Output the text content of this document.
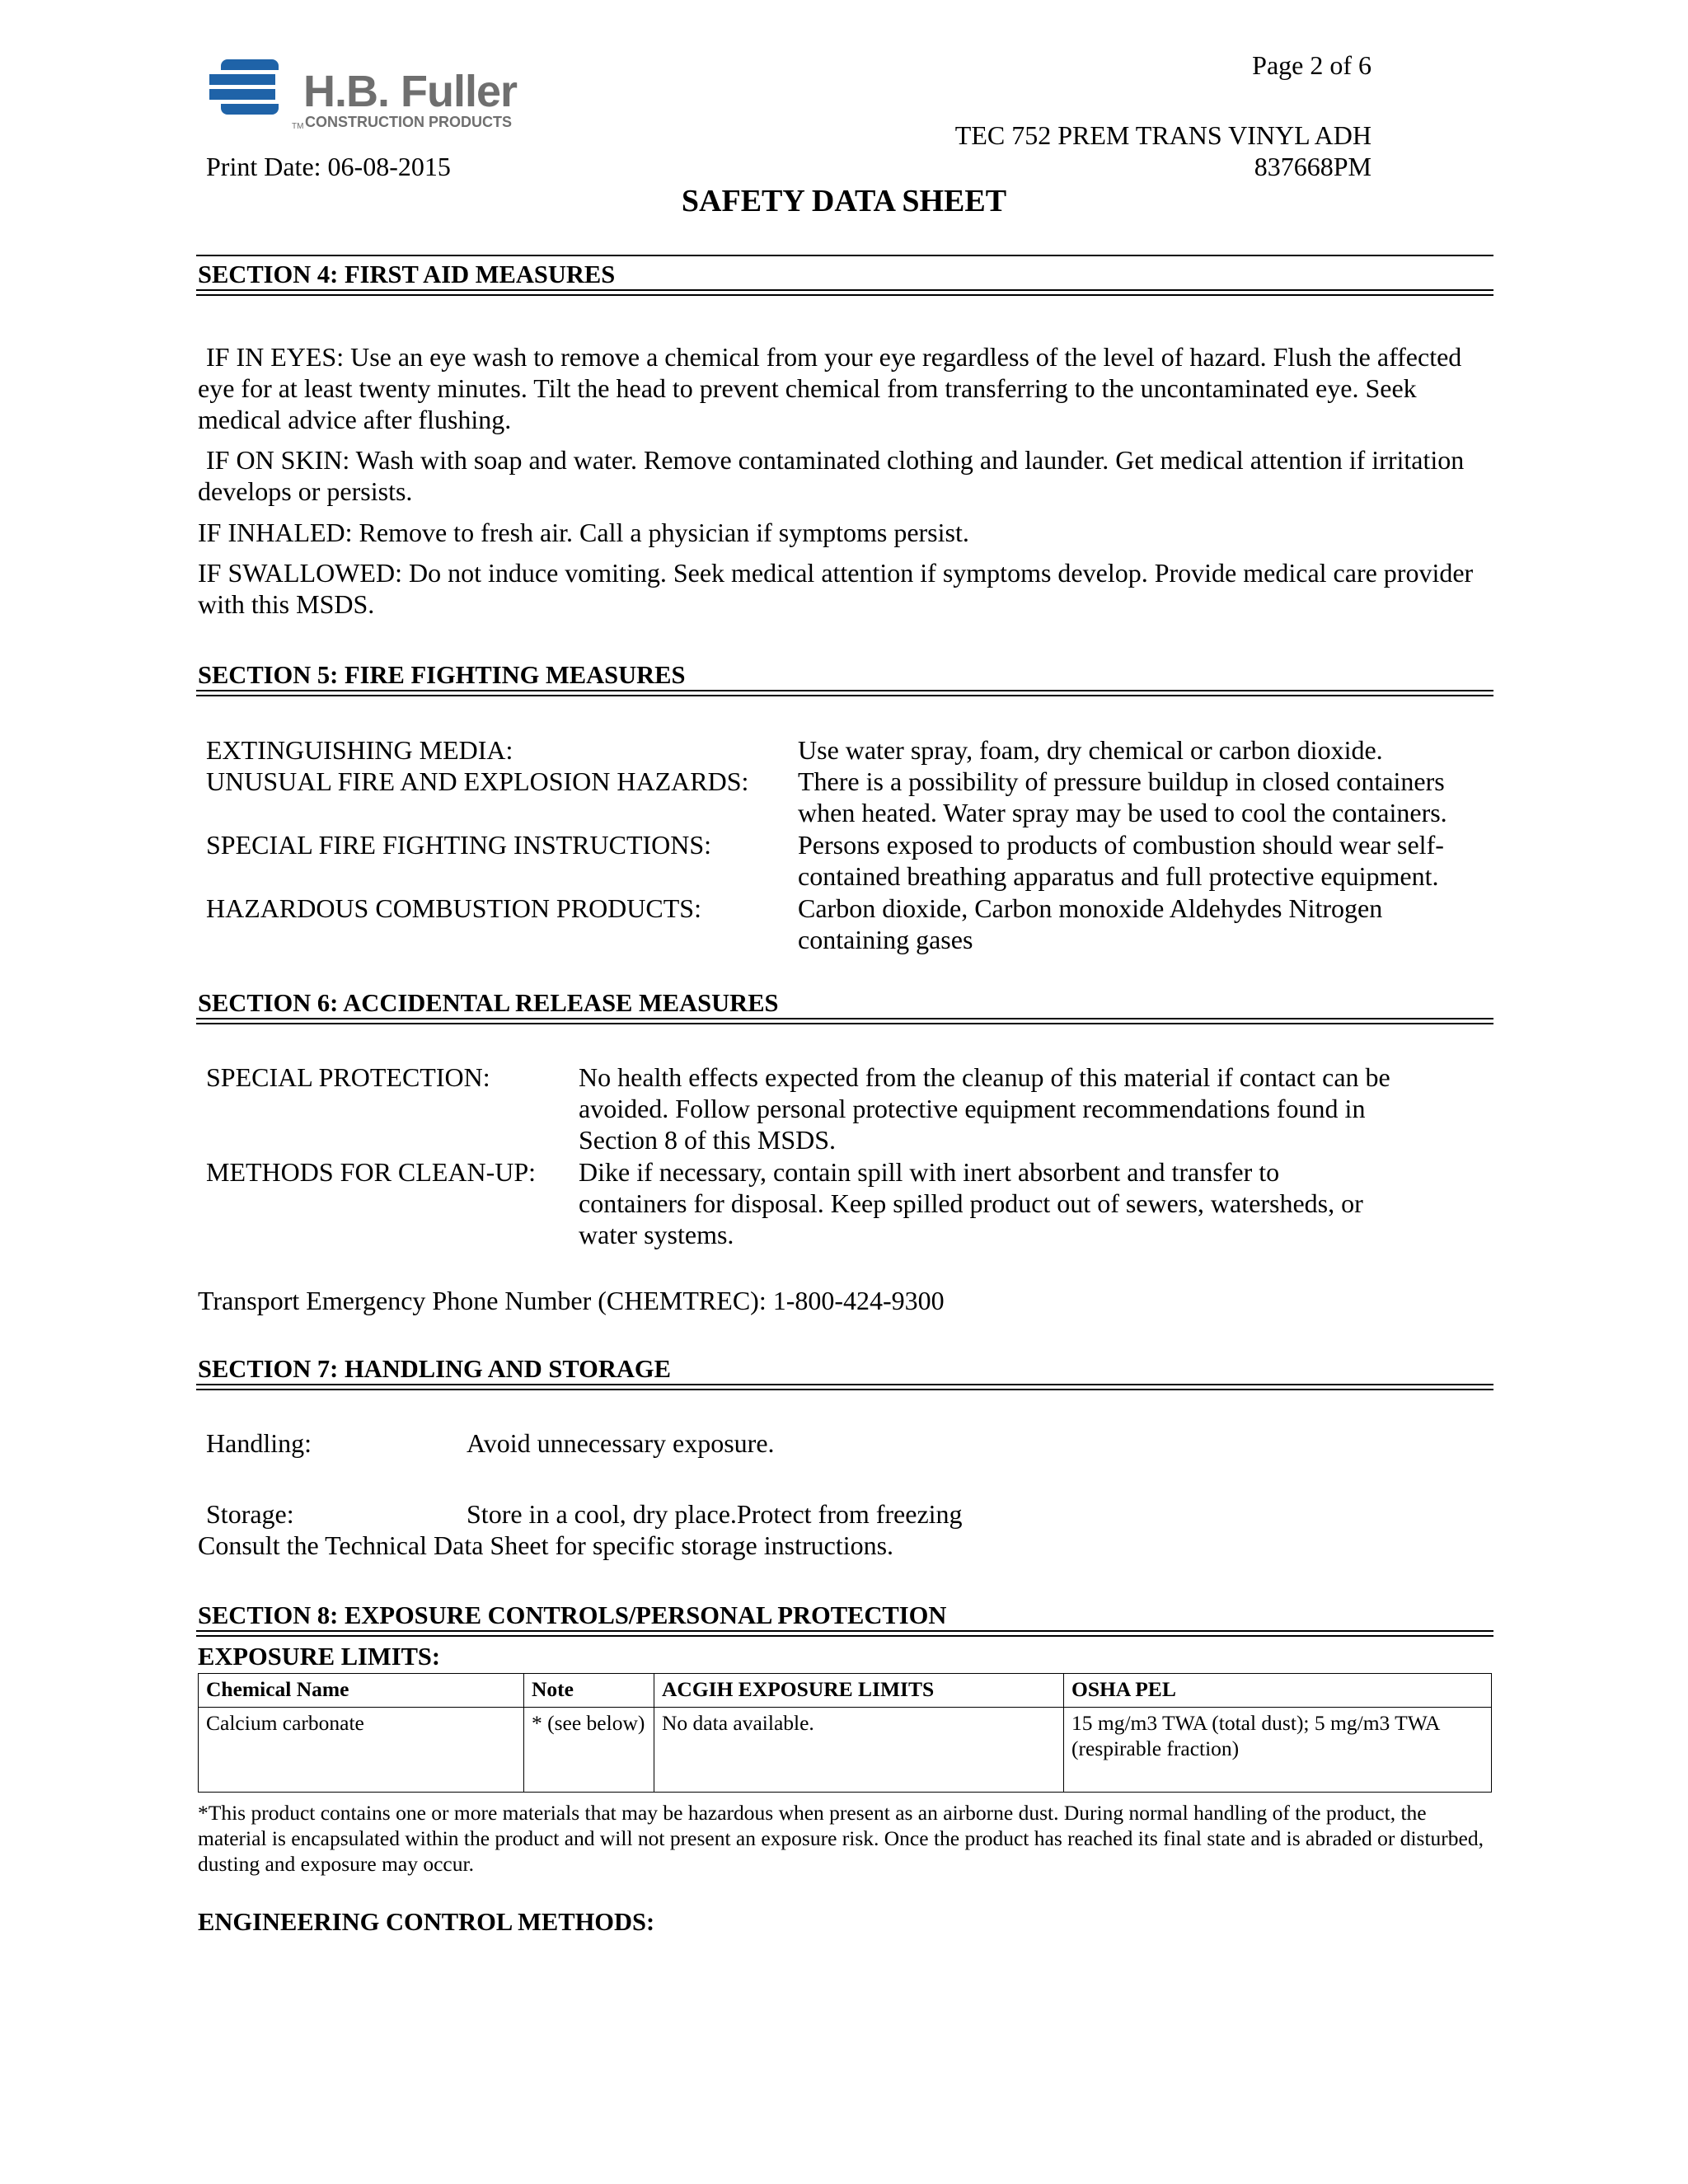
TM
H.B. Fuller
CONSTRUCTION PRODUCTS
Page 2 of 6
TEC 752 PREM TRANS VINYL ADH
837668PM
Print Date: 06-08-2015
SAFETY DATA SHEET
SECTION 4: FIRST AID MEASURES
IF IN EYES: Use an eye wash to remove a chemical from your eye regardless of the level of hazard. Flush the affected eye for at least twenty minutes. Tilt the head to prevent chemical from transferring to the uncontaminated eye. Seek medical advice after flushing.
IF ON SKIN: Wash with soap and water. Remove contaminated clothing and launder. Get medical attention if irritation develops or persists.
IF INHALED: Remove to fresh air. Call a physician if symptoms persist.
IF SWALLOWED: Do not induce vomiting. Seek medical attention if symptoms develop. Provide medical care provider with this MSDS.
SECTION 5: FIRE FIGHTING MEASURES
EXTINGUISHING MEDIA:	Use water spray, foam, dry chemical or carbon dioxide.
UNUSUAL FIRE AND EXPLOSION HAZARDS: There is a possibility of pressure buildup in closed containers when heated. Water spray may be used to cool the containers.
SPECIAL FIRE FIGHTING INSTRUCTIONS:	Persons exposed to products of combustion should wear self-contained breathing apparatus and full protective equipment.
HAZARDOUS COMBUSTION PRODUCTS:	Carbon dioxide, Carbon monoxide Aldehydes Nitrogen containing gases
SECTION 6: ACCIDENTAL RELEASE MEASURES
SPECIAL PROTECTION:	No health effects expected from the cleanup of this material if contact can be avoided. Follow personal protective equipment recommendations found in Section 8 of this MSDS.
METHODS FOR CLEAN-UP: Dike if necessary, contain spill with inert absorbent and transfer to containers for disposal. Keep spilled product out of sewers, watersheds, or water systems.
Transport Emergency Phone Number (CHEMTREC): 1-800-424-9300
SECTION 7: HANDLING AND STORAGE
Handling:	Avoid unnecessary exposure.
Storage:	Store in a cool, dry place.Protect from freezing
Consult the Technical Data Sheet for specific storage instructions.
SECTION 8: EXPOSURE CONTROLS/PERSONAL PROTECTION
EXPOSURE LIMITS:
Chemical Name	Note	ACGIH EXPOSURE LIMITS	OSHA PEL
Calcium carbonate	* (see below)	No data available.	15 mg/m3 TWA (total dust); 5 mg/m3 TWA (respirable fraction)
*This product contains one or more materials that may be hazardous when present as an airborne dust. During normal handling of the product, the material is encapsulated within the product and will not present an exposure risk. Once the product has reached its final state and is abraded or disturbed, dusting and exposure may occur.
ENGINEERING CONTROL METHODS:
